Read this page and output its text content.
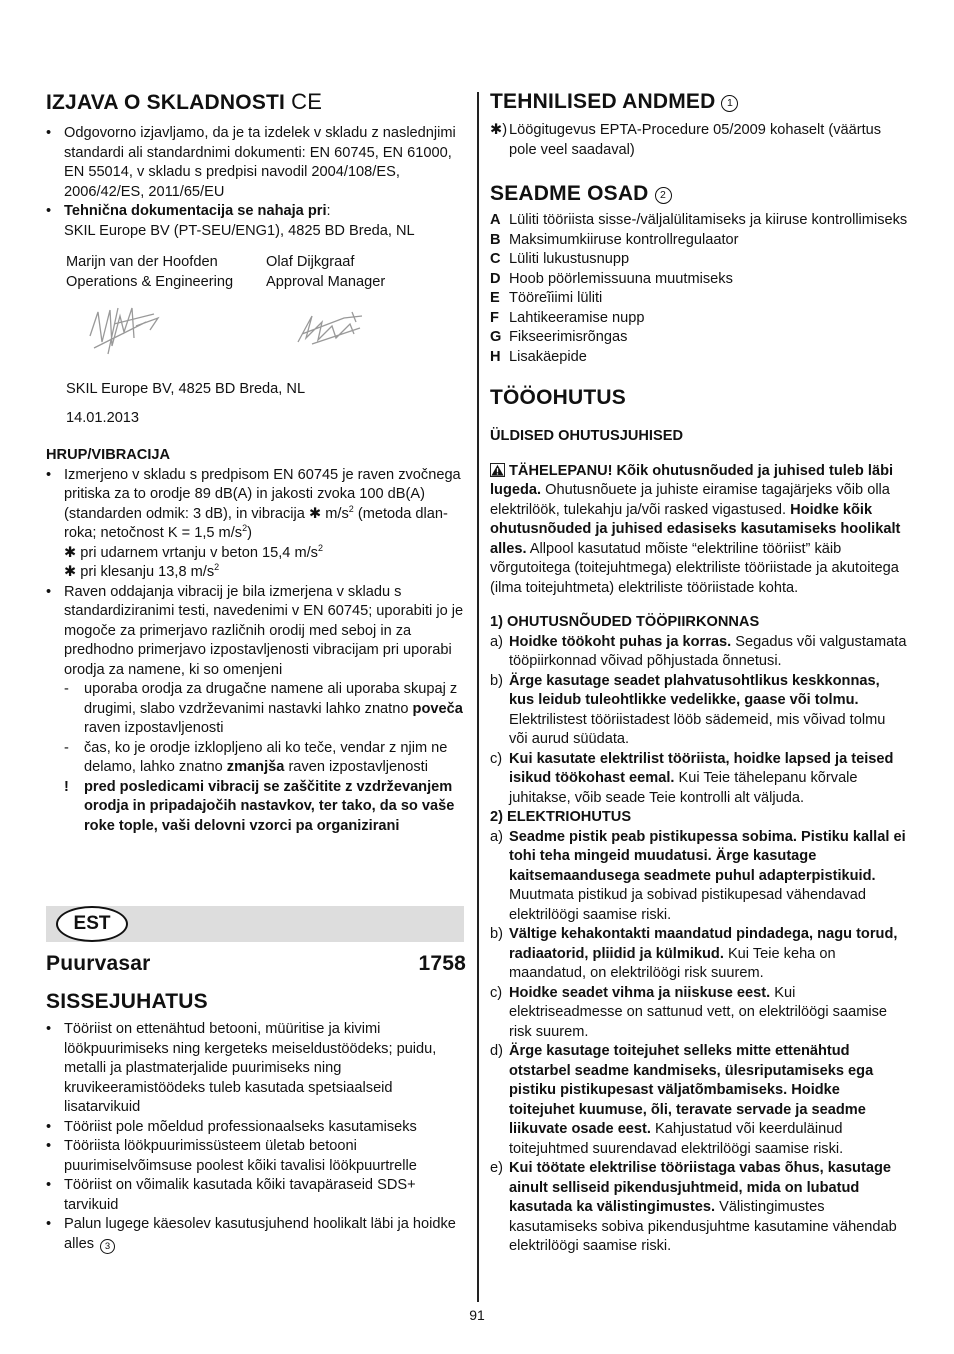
IZJAVA O SKLADNOSTI CE
• Odgovorno izjavljamo, da je ta izdelek v skladu z naslednjimi standardi ali standardnimi dokumenti: EN 60745, EN 61000, EN 55014, v skladu s predpisi navodil 2004/108/ES, 2006/42/ES, 2011/65/EU
• Tehnična dokumentacija se nahaja pri:
SKIL Europe BV (PT-SEU/ENG1), 4825 BD Breda, NL
Marijn van der Hoofden
Operations & Engineering
Olaf Dijkgraaf
Approval Manager

SKIL Europe BV, 4825 BD Breda, NL

14.01.2013

HRUP/VIBRACIJA
• Izmerjeno v skladu s predpisom EN 60745 je raven zvočnega pritiska za to orodje 89 dB(A) in jakosti zvoka 100 dB(A) (standarden odmik: 3 dB), in vibracija ✱ $m/s^2$ (metoda dlan-roka; netočnost K = 1,5 $m/s^2$)
✱ pri udarnem vrtanju v beton 15,4 $m/s^2$
✱ pri klesanju 13,8 $m/s^2$
• Raven oddajanja vibracij je bila izmerjena v skladu s standardiziranimi testi, navedenimi v EN 60745; uporabiti jo je mogoče za primerjavo različnih orodij med seboj in za predhodno primerjavo izpostavljenosti vibracijam pri uporabi orodja za namene, ki so omenjeni
- uporaba orodja za drugačne namene ali uporaba skupaj z drugimi, slabo vzdrževanimi nastavki lahko znatno poveča raven izpostavljenosti
- čas, ko je orodje izklopljeno ali ko teče, vendar z njim ne delamo, lahko znatno zmanjša raven izpostavljenosti
! pred posledicami vibracij se zaščitite z vzdrževanjem orodja in pripadajočih nastavkov, ter tako, da so vaše roke tople, vaši delovni vzorci pa organizirani
EST
Puurvasar	1758
SISSEJUHATUS
• Tööriist on ettenähtud betooni, müüritise ja kivimi löökpuurimiseks ning kergeteks meiseldustöödeks; puidu, metalli ja plastmaterjalide puurimiseks ning kruvikeeramistöödeks tuleb kasutada spetsiaalseid lisatarvikuid
• Tööriist pole mõeldud professionaalseks kasutamiseks
• Tööriista löökpuurimissüsteem ületab betooni puurimiselvõimsuse poolest kõiki tavalisi löökpuurtrelle
• Tööriist on võimalik kasutada kõiki tavapäraseid SDS+ tarvikuid
• Palun lugege käesolev kasutusjuhend hoolikalt läbi ja hoidke alles 3
TEHNILISED ANDMED 1
✱) Löögitugevus EPTA-Procedure 05/2009 kohaselt (väärtus pole veel saadaval)
SEADME OSAD 2
A Lüliti tööriista sisse-/väljalülitamiseks ja kiiruse kontrollimiseks
B Maksimumkiiruse kontrollregulaator
C Lüliti lukustusnupp
D Hoob pöörlemissuuna muutmiseks
E Tööreĩiimi lüliti
F Lahtikeeramise nupp
G Fikseerimisrõngas
H Lisakäepide
TÖÖOHUTUS
ÜLDISED OHUTUSJUHISED

TÄHELEPANU! Kõik ohutusnõuded ja juhised tuleb läbi lugeda. Ohutusnõuete ja juhiste eiramise tagajärjeks võib olla elektrilöök, tulekahju ja/või rasked vigastused. Hoidke kõik ohutusnõuded ja juhised edasiseks kasutamiseks hoolikalt alles. Allpool kasutatud mõiste “elektriline tööriist” käib võrgutoitega (toitejuhtmega) elektriliste tööriistade ja akutoitega (ilma toitejuhtmeta) elektriliste tööriistade kohta.

1) OHUTUSNÕUDED TÖÖPIIRKONNAS
a) Hoidke töökoht puhas ja korras. Segadus või valgustamata tööpiirkonnad võivad põhjustada õnnetusi.
b) Ärge kasutage seadet plahvatusohtlikus keskkonnas, kus leidub tuleohtlikke vedelikke, gaase või tolmu. Elektrilistest tööriistadest lööb sädemeid, mis võivad tolmu või aurud süüdata.
c) Kui kasutate elektrilist tööriista, hoidke lapsed ja teised isikud töökohast eemal. Kui Teie tähelepanu kõrvale juhitakse, võib seade Teie kontrolli alt väljuda.
2) ELEKTRIOHUTUS
a) Seadme pistik peab pistikupessa sobima. Pistiku kallal ei tohi teha mingeid muudatusi. Ärge kasutage kaitsemaandusega seadmete puhul adapterpistikuid. Muutmata pistikud ja sobivad pistikupesad vähendavad elektrilöögi saamise riski.
b) Vältige kehakontakti maandatud pindadega, nagu torud, radiaatorid, pliidid ja külmikud. Kui Teie keha on maandatud, on elektrilöögi risk suurem.
c) Hoidke seadet vihma ja niiskuse eest. Kui elektriseadmesse on sattunud vett, on elektrilöögi saamise risk suurem.
d) Ärge kasutage toitejuhet selleks mitte ettenähtud otstarbel seadme kandmiseks, ülesriputamiseks ega pistiku pistikupesast väljatõmbamiseks. Hoidke toitejuhet kuumuse, õli, teravate servade ja seadme liikuvate osade eest. Kahjustatud või keerduläinud toitejuhtmed suurendavad elektrilöögi saamise riski.
e) Kui töötate elektrilise tööriistaga vabas õhus, kasutage ainult selliseid pikendusjuhtmeid, mida on lubatud kasutada ka välistingimustes. Välistingimustes kasutamiseks sobiva pikendusjuhtme kasutamine vähendab elektrilöögi saamise riski.
91
